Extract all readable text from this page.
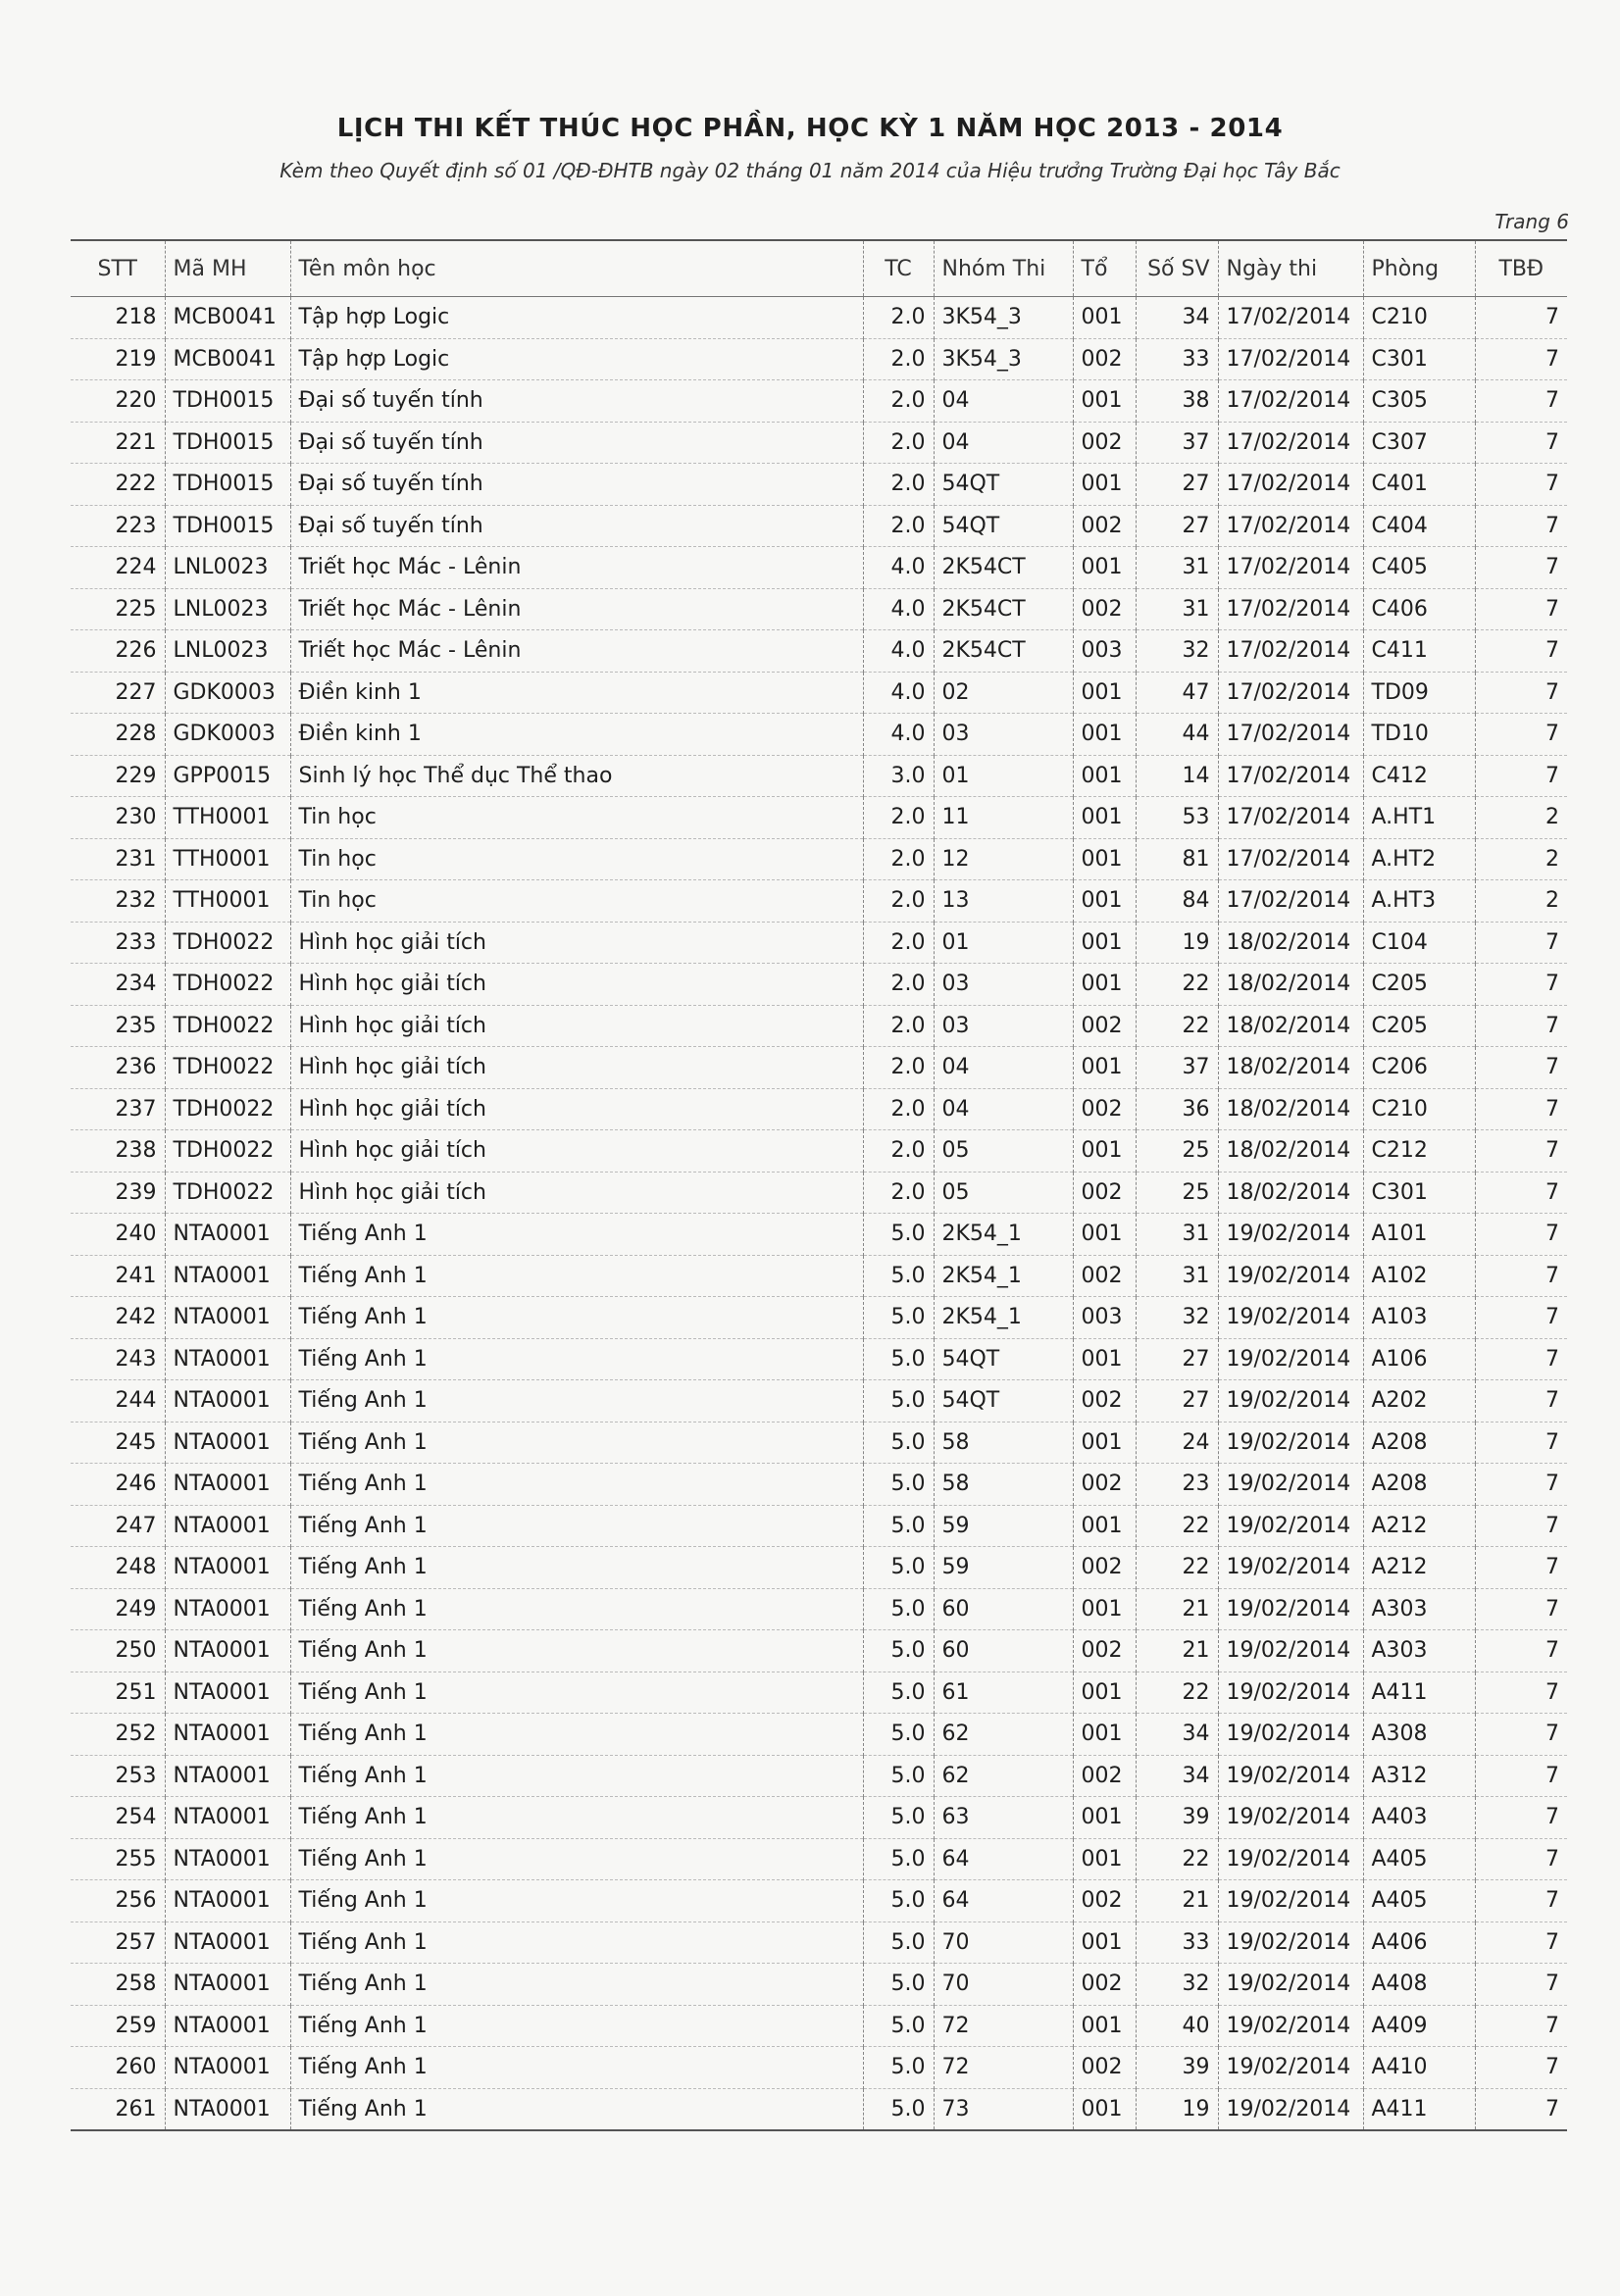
LỊCH THI KẾT THÚC HỌC PHẦN, HỌC KỲ 1 NĂM HỌC 2013 - 2014
Kèm theo Quyết định số 01 /QĐ-ĐHTB ngày 02 tháng 01 năm 2014 của Hiệu trưởng Trường Đại học Tây Bắc
Trang 6
STT	Mã MH	Tên môn học	TC	Nhóm Thi	Tổ	Số SV	Ngày thi	Phòng	TBĐ
218	MCB0041	Tập hợp Logic	2.0	3K54_3	001	34	17/02/2014	C210	7
219	MCB0041	Tập hợp Logic	2.0	3K54_3	002	33	17/02/2014	C301	7
220	TDH0015	Đại số tuyến tính	2.0	04	001	38	17/02/2014	C305	7
221	TDH0015	Đại số tuyến tính	2.0	04	002	37	17/02/2014	C307	7
222	TDH0015	Đại số tuyến tính	2.0	54QT	001	27	17/02/2014	C401	7
223	TDH0015	Đại số tuyến tính	2.0	54QT	002	27	17/02/2014	C404	7
224	LNL0023	Triết học Mác - Lênin	4.0	2K54CT	001	31	17/02/2014	C405	7
225	LNL0023	Triết học Mác - Lênin	4.0	2K54CT	002	31	17/02/2014	C406	7
226	LNL0023	Triết học Mác - Lênin	4.0	2K54CT	003	32	17/02/2014	C411	7
227	GDK0003	Điền kinh 1	4.0	02	001	47	17/02/2014	TD09	7
228	GDK0003	Điền kinh 1	4.0	03	001	44	17/02/2014	TD10	7
229	GPP0015	Sinh lý học Thể dục Thể thao	3.0	01	001	14	17/02/2014	C412	7
230	TTH0001	Tin học	2.0	11	001	53	17/02/2014	A.HT1	2
231	TTH0001	Tin học	2.0	12	001	81	17/02/2014	A.HT2	2
232	TTH0001	Tin học	2.0	13	001	84	17/02/2014	A.HT3	2
233	TDH0022	Hình học giải tích	2.0	01	001	19	18/02/2014	C104	7
234	TDH0022	Hình học giải tích	2.0	03	001	22	18/02/2014	C205	7
235	TDH0022	Hình học giải tích	2.0	03	002	22	18/02/2014	C205	7
236	TDH0022	Hình học giải tích	2.0	04	001	37	18/02/2014	C206	7
237	TDH0022	Hình học giải tích	2.0	04	002	36	18/02/2014	C210	7
238	TDH0022	Hình học giải tích	2.0	05	001	25	18/02/2014	C212	7
239	TDH0022	Hình học giải tích	2.0	05	002	25	18/02/2014	C301	7
240	NTA0001	Tiếng Anh 1	5.0	2K54_1	001	31	19/02/2014	A101	7
241	NTA0001	Tiếng Anh 1	5.0	2K54_1	002	31	19/02/2014	A102	7
242	NTA0001	Tiếng Anh 1	5.0	2K54_1	003	32	19/02/2014	A103	7
243	NTA0001	Tiếng Anh 1	5.0	54QT	001	27	19/02/2014	A106	7
244	NTA0001	Tiếng Anh 1	5.0	54QT	002	27	19/02/2014	A202	7
245	NTA0001	Tiếng Anh 1	5.0	58	001	24	19/02/2014	A208	7
246	NTA0001	Tiếng Anh 1	5.0	58	002	23	19/02/2014	A208	7
247	NTA0001	Tiếng Anh 1	5.0	59	001	22	19/02/2014	A212	7
248	NTA0001	Tiếng Anh 1	5.0	59	002	22	19/02/2014	A212	7
249	NTA0001	Tiếng Anh 1	5.0	60	001	21	19/02/2014	A303	7
250	NTA0001	Tiếng Anh 1	5.0	60	002	21	19/02/2014	A303	7
251	NTA0001	Tiếng Anh 1	5.0	61	001	22	19/02/2014	A411	7
252	NTA0001	Tiếng Anh 1	5.0	62	001	34	19/02/2014	A308	7
253	NTA0001	Tiếng Anh 1	5.0	62	002	34	19/02/2014	A312	7
254	NTA0001	Tiếng Anh 1	5.0	63	001	39	19/02/2014	A403	7
255	NTA0001	Tiếng Anh 1	5.0	64	001	22	19/02/2014	A405	7
256	NTA0001	Tiếng Anh 1	5.0	64	002	21	19/02/2014	A405	7
257	NTA0001	Tiếng Anh 1	5.0	70	001	33	19/02/2014	A406	7
258	NTA0001	Tiếng Anh 1	5.0	70	002	32	19/02/2014	A408	7
259	NTA0001	Tiếng Anh 1	5.0	72	001	40	19/02/2014	A409	7
260	NTA0001	Tiếng Anh 1	5.0	72	002	39	19/02/2014	A410	7
261	NTA0001	Tiếng Anh 1	5.0	73	001	19	19/02/2014	A411	7
